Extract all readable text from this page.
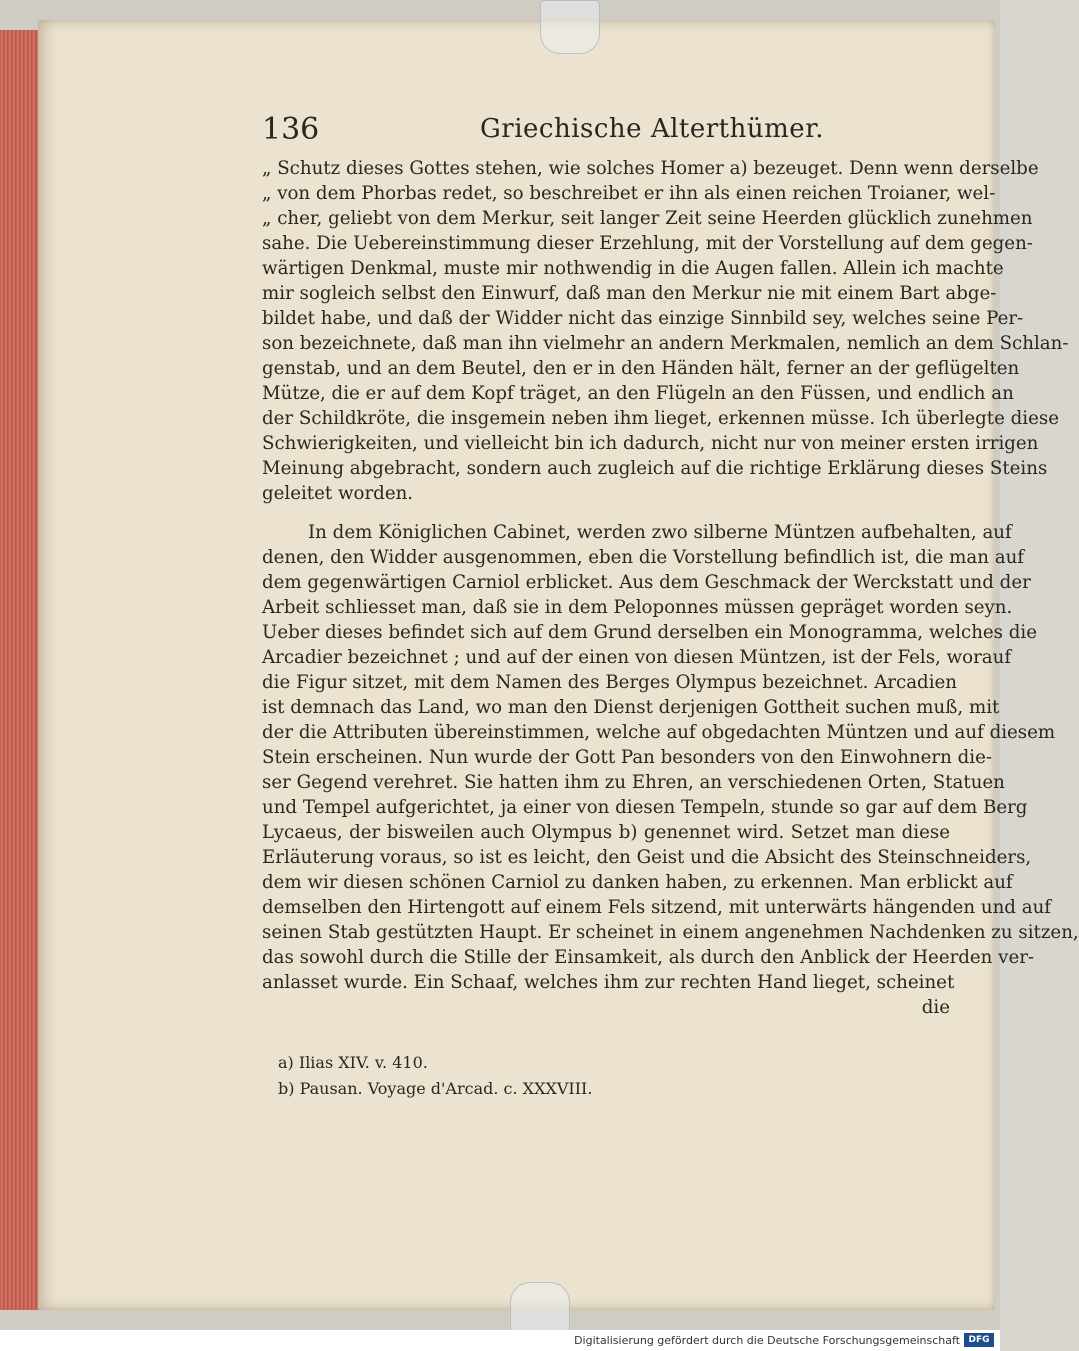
136	Griechische Alterthümer.
„ Schutz dieses Gottes stehen, wie solches Homer a) bezeuget. Denn wenn derselbe
„ von dem Phorbas redet, so beschreibet er ihn als einen reichen Troianer, wel-
„ cher, geliebt von dem Merkur, seit langer Zeit seine Heerden glücklich zunehmen
sahe. Die Uebereinstimmung dieser Erzehlung, mit der Vorstellung auf dem gegen-
wärtigen Denkmal, muste mir nothwendig in die Augen fallen. Allein ich machte
mir sogleich selbst den Einwurf, daß man den Merkur nie mit einem Bart abge-
bildet habe, und daß der Widder nicht das einzige Sinnbild sey, welches seine Per-
son bezeichnete, daß man ihn vielmehr an andern Merkmalen, nemlich an dem Schlan-
genstab, und an dem Beutel, den er in den Händen hält, ferner an der geflügelten
Mütze, die er auf dem Kopf träget, an den Flügeln an den Füssen, und endlich an
der Schildkröte, die insgemein neben ihm lieget, erkennen müsse. Ich überlegte diese
Schwierigkeiten, und vielleicht bin ich dadurch, nicht nur von meiner ersten irrigen
Meinung abgebracht, sondern auch zugleich auf die richtige Erklärung dieses Steins
geleitet worden.
In dem Königlichen Cabinet, werden zwo silberne Müntzen aufbehalten, auf
denen, den Widder ausgenommen, eben die Vorstellung befindlich ist, die man auf
dem gegenwärtigen Carniol erblicket. Aus dem Geschmack der Werckstatt und der
Arbeit schliesset man, daß sie in dem Peloponnes müssen gepräget worden seyn.
Ueber dieses befindet sich auf dem Grund derselben ein Monogramma, welches die
Arcadier bezeichnet ; und auf der einen von diesen Müntzen, ist der Fels, worauf
die Figur sitzet, mit dem Namen des Berges Olympus bezeichnet. Arcadien
ist demnach das Land, wo man den Dienst derjenigen Gottheit suchen muß, mit
der die Attributen übereinstimmen, welche auf obgedachten Müntzen und auf diesem
Stein erscheinen. Nun wurde der Gott Pan besonders von den Einwohnern die-
ser Gegend verehret. Sie hatten ihm zu Ehren, an verschiedenen Orten, Statuen
und Tempel aufgerichtet, ja einer von diesen Tempeln, stunde so gar auf dem Berg
Lycaeus, der bisweilen auch Olympus b) genennet wird. Setzet man diese
Erläuterung voraus, so ist es leicht, den Geist und die Absicht des Steinschneiders,
dem wir diesen schönen Carniol zu danken haben, zu erkennen. Man erblickt auf
demselben den Hirtengott auf einem Fels sitzend, mit unterwärts hängenden und auf
seinen Stab gestützten Haupt. Er scheinet in einem angenehmen Nachdenken zu sitzen,
das sowohl durch die Stille der Einsamkeit, als durch den Anblick der Heerden ver-
anlasset wurde. Ein Schaaf, welches ihm zur rechten Hand lieget, scheinet
die
a) Ilias XIV. v. 410.
b) Pausan. Voyage d'Arcad. c. XXXVIII.
Digitalisierung gefördert durch die Deutsche Forschungsgemeinschaft DFG
